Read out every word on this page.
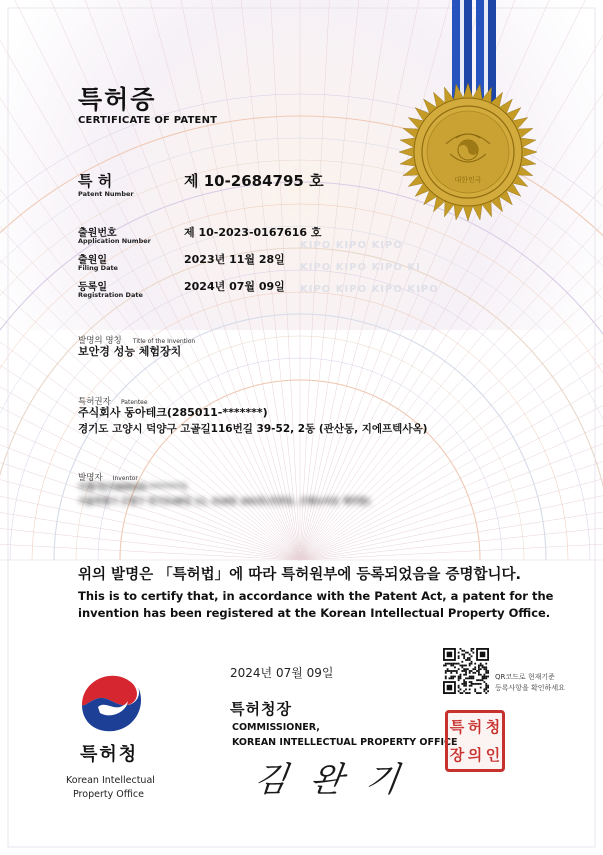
대한민국
KIPO KIPO KIPO
KIPO KIPO KIPO KI
KIPO KIPO KIPO KIPO
특허증
CERTIFICATE OF PATENT
특 허
Patent Number
제 10-2684795 호
출원번호
Application Number
제 10-2023-0167616 호
출원일
Filing Date
2023년 11월 28일
등록일
Registration Date
2024년 07월 09일
발명의 명칭 Title of the Invention
보안경 성능 체험장치
특허권자 Patentee
주식회사 동아테크(285011-*******)
경기도 고양시 덕양구 고골길116번길 39-52, 2동 (관산동, 지에프텍사옥)
발명자 Inventor
이충석(740925-*******)
서울특별시 은평구 연서로48길 11, 518동 202호(진관동, 은평뉴타운 제각말)
위의 발명은 「특허법」에 따라 특허원부에 등록되었음을 증명합니다.
This is to certify that, in accordance with the Patent Act, a patent for the
invention has been registered at the Korean Intellectual Property Office.
2024년 07월 09일
특허청장
COMMISSIONER,
KOREAN INTELLECTUAL PROPERTY OFFICE
김 완 기
특 허 청
장 의 인
QR코드로 현재기준
등록사항을 확인하세요
특허청
Korean Intellectual
Property Office
